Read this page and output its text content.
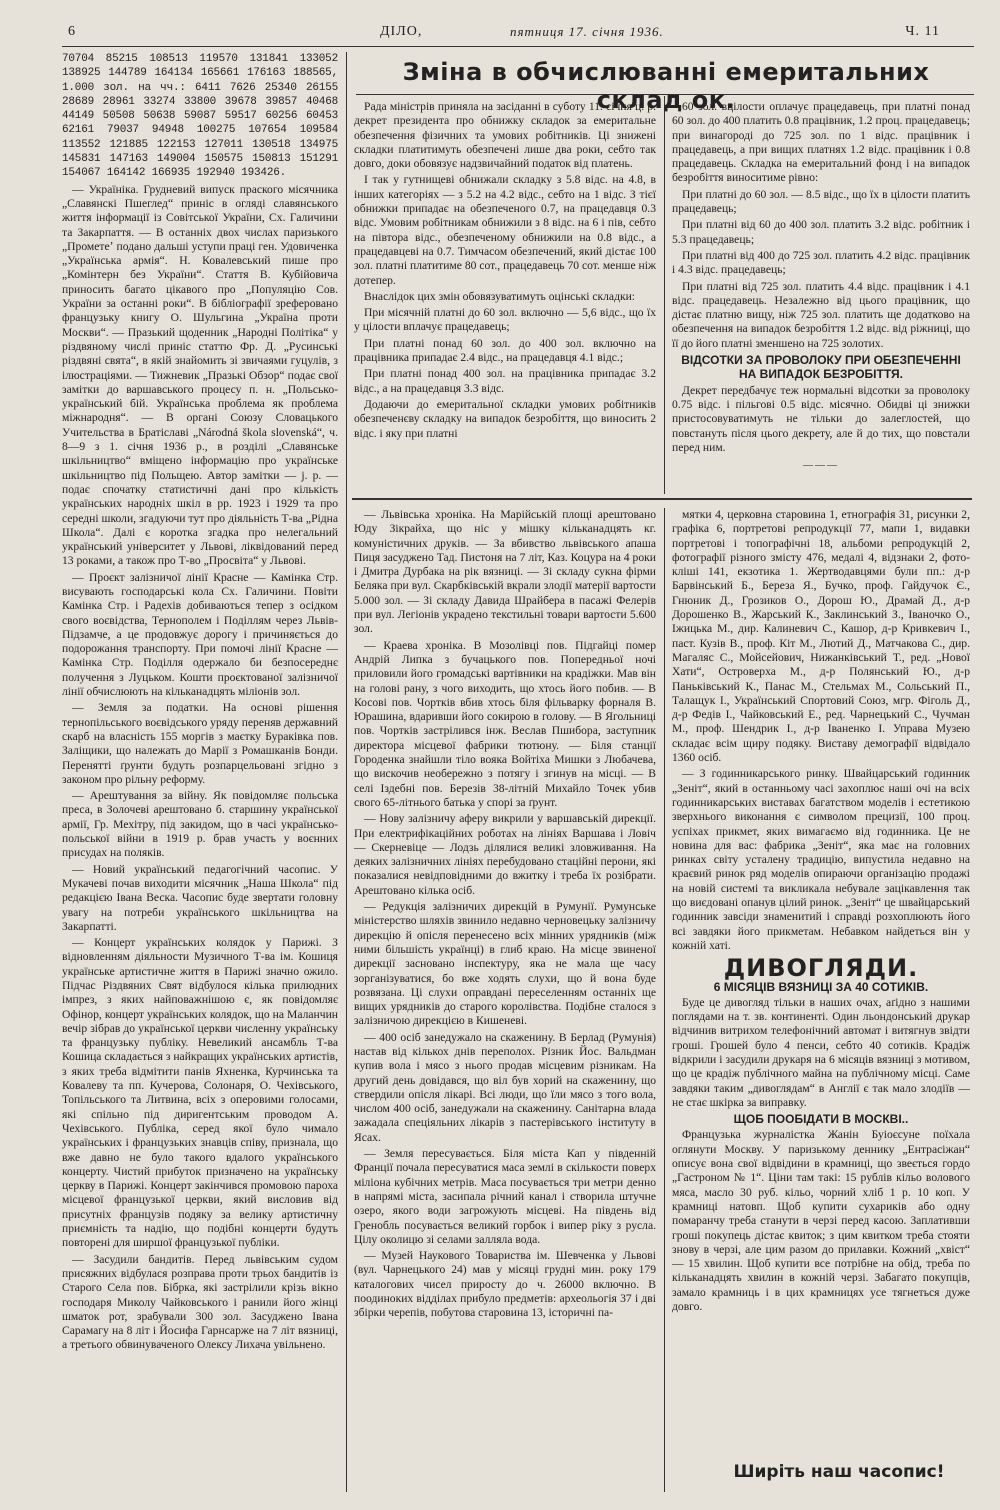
6	ДІЛО,	пятниця 17. січня 1936.	Ч. 11

70704 85215 108513 119570 131841 133052 138925 144789 164134 165661 176163 188565, 1.000 зол. на чч.: 6411 7626 25340 26155 28689 28961 33274 33800 39678 39857 40468 44149 50508 50638 59087 59517 60256 60453 62161 79037 94948 100275 107654 109584 113552 121885 122153 127011 130518 134975 145831 147163 149004 150575 150813 151291 154067 164142 166935 192940 193426.

— Україніка. Грудневий випуск праского місячника „Славянскі Пшеглед“ приніс в огляді славянського життя інформації із Совітської України, Сх. Галичини та Закарпаття. — В останніх двох числах паризького „Прометеʼ подано дальші уступи праці ген. Удовиченка „Українська армія“. Н. Ковалевський пише про „Комінтерн без України“. Стаття В. Кубійовича приносить багато цікавого про „Популяцію Сов. України за останні роки“. В бібліографії зреферовано французьку книгу О. Шульгина „Україна проти Москви“. — Празький щоденник „Народні Політіка“ у різдвяному числі приніс статтю Фр. Д. „Русинські різдвяні свята“, в якій знайомить зі звичаями гуцулів, з ілюстраціями. — Тижневик „Празькі Обзор“ подає свої замітки до варшавського процесу п. н. „Польсько-український бій. Українська проблема як проблема міжнародня“. — В органі Союзу Словацького Учительства в Братіславі „Národná škola slovenská“, ч. 8—9 з 1. січня 1936 р., в розділі „Славянське шкільництво“ вміщено інформацію про українське шкільництво під Польщею. Автор замітки — j. p. — подає спочатку статистичні дані про кількість українських народніх шкіл в рр. 1923 і 1929 та про середні школи, згадуючи тут про діяльність Т-ва „Рідна Школа“. Далі є коротка згадка про нелегальний український університет у Львові, ліквідований перед 13 роками, а також про Т-во „Просвіта“ у Львові.

— Проєкт залізничої лінії Красне — Камінка Стр. висувають господарські кола Сх. Галичини. Повіти Камінка Стр. і Радехів добиваються тепер з осідком свого воєвідства, Тернополем і Поділлям через Львів-Підзамче, а це продовжує дорогу і причиняється до подорожання транспорту. При помочі лінії Красне — Камінка Стр. Поділля одержало би безпосереднє получення з Луцьком. Кошти проєктованої залізничої лінії обчислюють на кільканадцять міліонів зол.

— Земля за податки. На основі рішення тернопільського воєвідського уряду переняв державний скарб на власність 155 моргів з маєтку Бураківка пов. Заліщики, що належать до Марії з Ромашканів Бонди. Перенятті ґрунти будуть розпарцельовані згідно з законом про рільну реформу.

— Арештування за війну. Як повідомляє польська преса, в Золочеві арештовано б. старшину української армії, Гр. Мехітру, під закидом, що в часі українсько-польської війни в 1919 р. брав участь у воєнних присудах на поляків.

— Новий український педагогічний часопис. У Мукачеві почав виходити місячник „Наша Школа“ під редакцією Івана Веска. Часопис буде звертати головну увагу на потреби українського шкільництва на Закарпатті.

— Концерт українських колядок у Парижі. З відновленням діяльности Музичного Т-ва ім. Кошиця українське артистичне життя в Парижі значно ожило. Підчас Різдвяних Свят відбулося кілька прилюдних імпрез, з яких найповажнішою є, як повідомляє Офінор, концерт українських колядок, що на Маланчин вечір зібрав до української церкви численну українську та французьку публіку. Невеликий ансамбль Т-ва Кошица складається з найкращих українських артистів, з яких треба відмітити панів Яхненка, Курчинська та Ковалеву та пп. Кучерова, Солонаря, О. Чехівського, Топільського та Литвина, всіх з оперовими голосами, які спільно під диригентським проводом А. Чехівського. Публіка, серед якої було чимало українських і французьких знавців співу, признала, що вже давно не було такого вдалого українського концерту. Чистий прибуток призначено на українську церкву в Парижі. Концерт закінчився промовою пароха місцевої французької церкви, який висловив від присутніх французів подяку за велику артистичну приємність та надію, що подібні концерти будуть повторені для ширшої французької публіки.

— Засудили бандитів. Перед львівським судом присяжних відбулася розправа проти трьох бандитів із Старого Села пов. Бібрка, які застрілили крізь вікно господаря Миколу Чайковського і ранили його жінці шматок рот, зрабували 300 зол. Засуджено Івана Сарамагу на 8 літ і Йосифа Гарнсарже на 7 літ вязниці, а третього обвинуваченого Олексу Лихача увільнено.

Зміна в обчислюванні емеритальних склад ок.

Рада міністрів приняла на засіданні в суботу 11. січня ц. р. декрет президента про обнижку складок за емеритальне обезпечення фізичних та умових робітників. Ці знижені складки платитимуть обезпечені лише два роки, себто так довго, доки обовязує надзвичайний податок від платень.

І так у гутнищеві обнижали складку з 5.8 відс. на 4.8, в інших категоріях — з 5.2 на 4.2 відс., себто на 1 відс. З тієї обнижки припадає на обезпеченого 0.7, на працедавця 0.3 відс. Умовим робітникам обнижили з 8 відс. на 6 і пів, себто на півтора відс., обезпеченому обнижили на 0.8 відс., а працедавцеві на 0.7. Тимчасом обезпечений, який дістає 100 зол. платні платитиме 80 сот., працедавець 70 сот. менше ніж дотепер.

Внаслідок цих змін обовязуватимуть оцінські складки:

При місячній платні до 60 зол. включно — 5,6 відс., що їх у цілости вплачує працедавець;

При платні понад 60 зол. до 400 зол. включно на працівника припадає 2.4 відс., на працедавця 4.1 відс.;

При платні понад 400 зол. на працівника припадає 3.2 відс., а на працедавця 3.3 відс.

Додаючи до емеритальної складки умових робітників обезпеченєву складку на випадок безробіття, що виносить 2 відс. і яку при платні

60 зол. вцілости оплачує працедавець, при платні понад 60 зол. до 400 платить 0.8 працівник, 1.2 проц. працедавець; при винагороді до 725 зол. по 1 відс. працівник і працедавець, а при вищих платнях 1.2 відс. працівник і 0.8 працедавець. Складка на емеритальний фонд і на випадок безробіття виноситиме рівно:

При платні до 60 зол. — 8.5 відс., що їх в цілости платить працедавець;

При платні від 60 до 400 зол. платить 3.2 відс. робітник і 5.3 працедавець;

При платні від 400 до 725 зол. платить 4.2 відс. працівник і 4.3 відс. працедавець;

При платні від 725 зол. платить 4.4 відс. працівник і 4.1 відс. працедавець. Незалежно від цього працівник, що дістає платню вищу, ніж 725 зол. платить ще додатково на обезпечення на випадок безробіття 1.2 відс. від ріжниці, що її до його платні зменшено на 725 золотих.

ВІДСОТКИ ЗА ПРОВОЛОКУ ПРИ ОБЕЗПЕЧЕННІ НА ВИПАДОК БЕЗРОБІТТЯ.

Декрет передбачує теж нормальні відсотки за проволоку 0.75 відс. і пільгові 0.5 відс. місячно. Обидві ці знижки пристосовуватимуть не тільки до залеглостей, що повстануть після цього декрету, але й до тих, що повстали перед ним.

———

— Львівська хроніка. На Марійській площі арештовано Юду Зікрайха, що ніс у мішку кільканадцять кг. комуністичних друків. — За вбивство львівського апаша Пиця засуджено Тад. Пистоня на 7 літ, Каз. Коцура на 4 роки і Дмитра Дурбака на рік вязниці. — Зі складу сукна фірми Беляка при вул. Скарбківській вкрали злодії матерії вартости 5.000 зол. — Зі складу Давида Шрайбера в пасажі Фелерів при вул. Легіонів украдено текстильні товари вартости 5.600 зол.

— Краева хроніка. В Мозолівці пов. Підгайці помер Андрій Липка з бучацького пов. Попередньої ночі приловили його громадські вартівники на крадіжки. Мав він на голові рану, з чого виходить, що хтось його побив. — В Косові пов. Чортків вбив хтось біля фільварку форналя В. Юрашина, вдаривши його сокирою в голову. — В Ягольниці пов. Чортків застрілився інж. Веслав Пшибора, заступник директора місцевої фабрики тютюну. — Біля станції Городенка знайшли тіло вояка Войтіха Мишки з Любачева, що вискочив необережно з потягу і згинув на місці. — В селі Іздебні пов. Березів 38-літній Михайло Точек убив свого 65-літнього батька у спорі за ґрунт.

— Нову залізничу аферу викрили у варшавській дирекції. При електрифікаційних роботах на лініях Варшава і Ловіч — Скерневіце — Лодзь ділялися великі зловживання. На деяких залізничних лініях перебудовано стаційні перони, які показалися невідповідними до вжитку і треба їх розібрати. Арештовано кілька осіб.

— Редукція залізничих дирекцій в Румунії. Румунське міністерство шляхів звинило недавно черновецьку залізничу дирекцію й опісля перенесено всіх мінних урядників (між ними більшість українці) в глиб краю. На місце звиненої дирекції засновано інспектуру, яка не мала ще часу зорганізуватися, бо вже ходять слухи, що й вона буде розвязана. Ці слухи оправдані переселенням останніх ще вищих урядників до старого королівства. Подібне сталося з залізничою дирекцією в Кишеневі.

— 400 осіб занедужало на скаженину. В Берлад (Румунія) настав від кількох днів переполох. Різник Йос. Вальдман купив вола і мясо з нього продав місцевим різникам. На другий день довідався, що віл був хорий на скаженину, що ствердили опісля лікарі. Всі люди, що їли мясо з того вола, числом 400 осіб, занедужали на скаженину. Санітарна влада зажадала спеціяльних лікарів з пастерівського інституту в Ясах.

— Земля пересувається. Біля міста Кап у південній Франції почала пересуватися маса землі в скількости поверх міліона кубічних метрів. Маса посувається три метри денно в напрямі міста, засипала річний канал і створила штучне озеро, якого води загрожують місцеві. На південь від Гренобль посувається великий горбок і випер ріку з русла. Цілу околицю зі селами залляла вода.

— Музей Наукового Товариства ім. Шевченка у Львові (вул. Чарнецького 24) мав у місяці грудні мин. року 179 каталогових чисел приросту до ч. 26000 включно. В поодиноких відділах прибуло предметів: археольогія 37 і дві збірки черепів, побутова старовина 13, історичні па-

мятки 4, церковна старовина 1, етнографія 31, рисунки 2, графіка 6, портретові репродукції 77, мапи 1, видавки портретові і топографічні 18, альбоми репродукцій 2, фотографії різного змісту 476, медалі 4, відзнаки 2, фото-кліші 141, екзотика 1. Жертводавцями були пп.: д-р Барвінський Б., Береза Я., Бучко, проф. Гайдучок Є., Гнюник Д., Грозиков О., Дорош Ю., Драмай Д., д-р Дорошенко В., Жарський К., Заклинський З., Іваночко О., Іжицька М., дир. Калиневич С., Кашор, д-р Кривкевич І., паст. Кузів В., проф. Кіт М., Лютий Д., Матчакова С., дир. Магаляс С., Мойсейович, Нижанківський Т., ред. „Нової Хати“, Островерха М., д-р Полянський Ю., д-р Паньківський К., Панас М., Стельмах М., Сольський П., Талащук І., Український Спортовий Союз, мгр. Фіголь Д., д-р Федів І., Чайковський Е., ред. Чарнецький С., Чучман М., проф. Шендрик І., д-р Іваненко І. Управа Музею складає всім щиру подяку. Виставу демографії відвідало 1360 осіб.

— З годинникарського ринку. Швайцарський годинник „Зеніт“, який в останньому часі захоплює наші очі на всіх годинникарських виставах багатством моделів і естетикою зверхнього виконання є символом прецизії, 100 проц. успіхах прикмет, яких вимагаємо від годинника. Це не новина для вас: фабрика „Зеніт“, яка має на головних ринках світу усталену традицію, випустила недавно на краєвий ринок ряд моделів опираючи організацію продажі на новій системі та викликала небувале зацікавлення так що виєдовані опанув цілий ринок. „Зеніт“ це швайцарський годинник завсіди знаменитий і справді розхоплюють його всі завдяки його прикметам. Небавком найдеться він у кожній хаті.

ДИВОГЛЯДИ.

6 МІСЯЦІВ ВЯЗНИЦІ ЗА 40 СОТИКІВ.

Буде це дивогляд тільки в наших очах, аґідно з нашими поглядами на т. зв. континенті. Один льондонський друкар відчинив витрихом телефонічний автомат і витягнув звідти гроші. Грошей було 4 пенси, себто 40 сотиків. Крадіж відкрили і засудили друкаря на 6 місяців вязниці з мотивом, що це крадіж публічного майна на публічному місці. Саме завдяки таким „дивоглядам“ в Англії є так мало злодіїв — не стає шкірка за виправку.

ЩОБ ПООБІДАТИ В МОСКВІ..

Французька журналістка Жанін Буіоєсуне поїхала оглянути Москву. У паризькому деннику „Ентрасіжан“ описує вона свої відвідини в крамниці, що звеється гордо „Гастроном № 1“. Ціни там такі: 15 рублів кільо волового мяса, масло 30 руб. кільо, чорний хліб 1 р. 10 коп. У крамниці натовп. Щоб купити сухариків або одну помаранчу треба станути в черзі перед касою. Заплативши гроші покупець дістає квиток; з цим квитком треба стояти знову в черзі, але цим разом до прилавки. Кожний „хвіст“ — 15 хвилин. Щоб купити все потрібне на обід, треба по кільканадцять хвилин в кожній черзі. Забагато покупців, замало крамниць і в цих крамницях усе тягнеться дуже довго.

Ширіть наш часопис!
